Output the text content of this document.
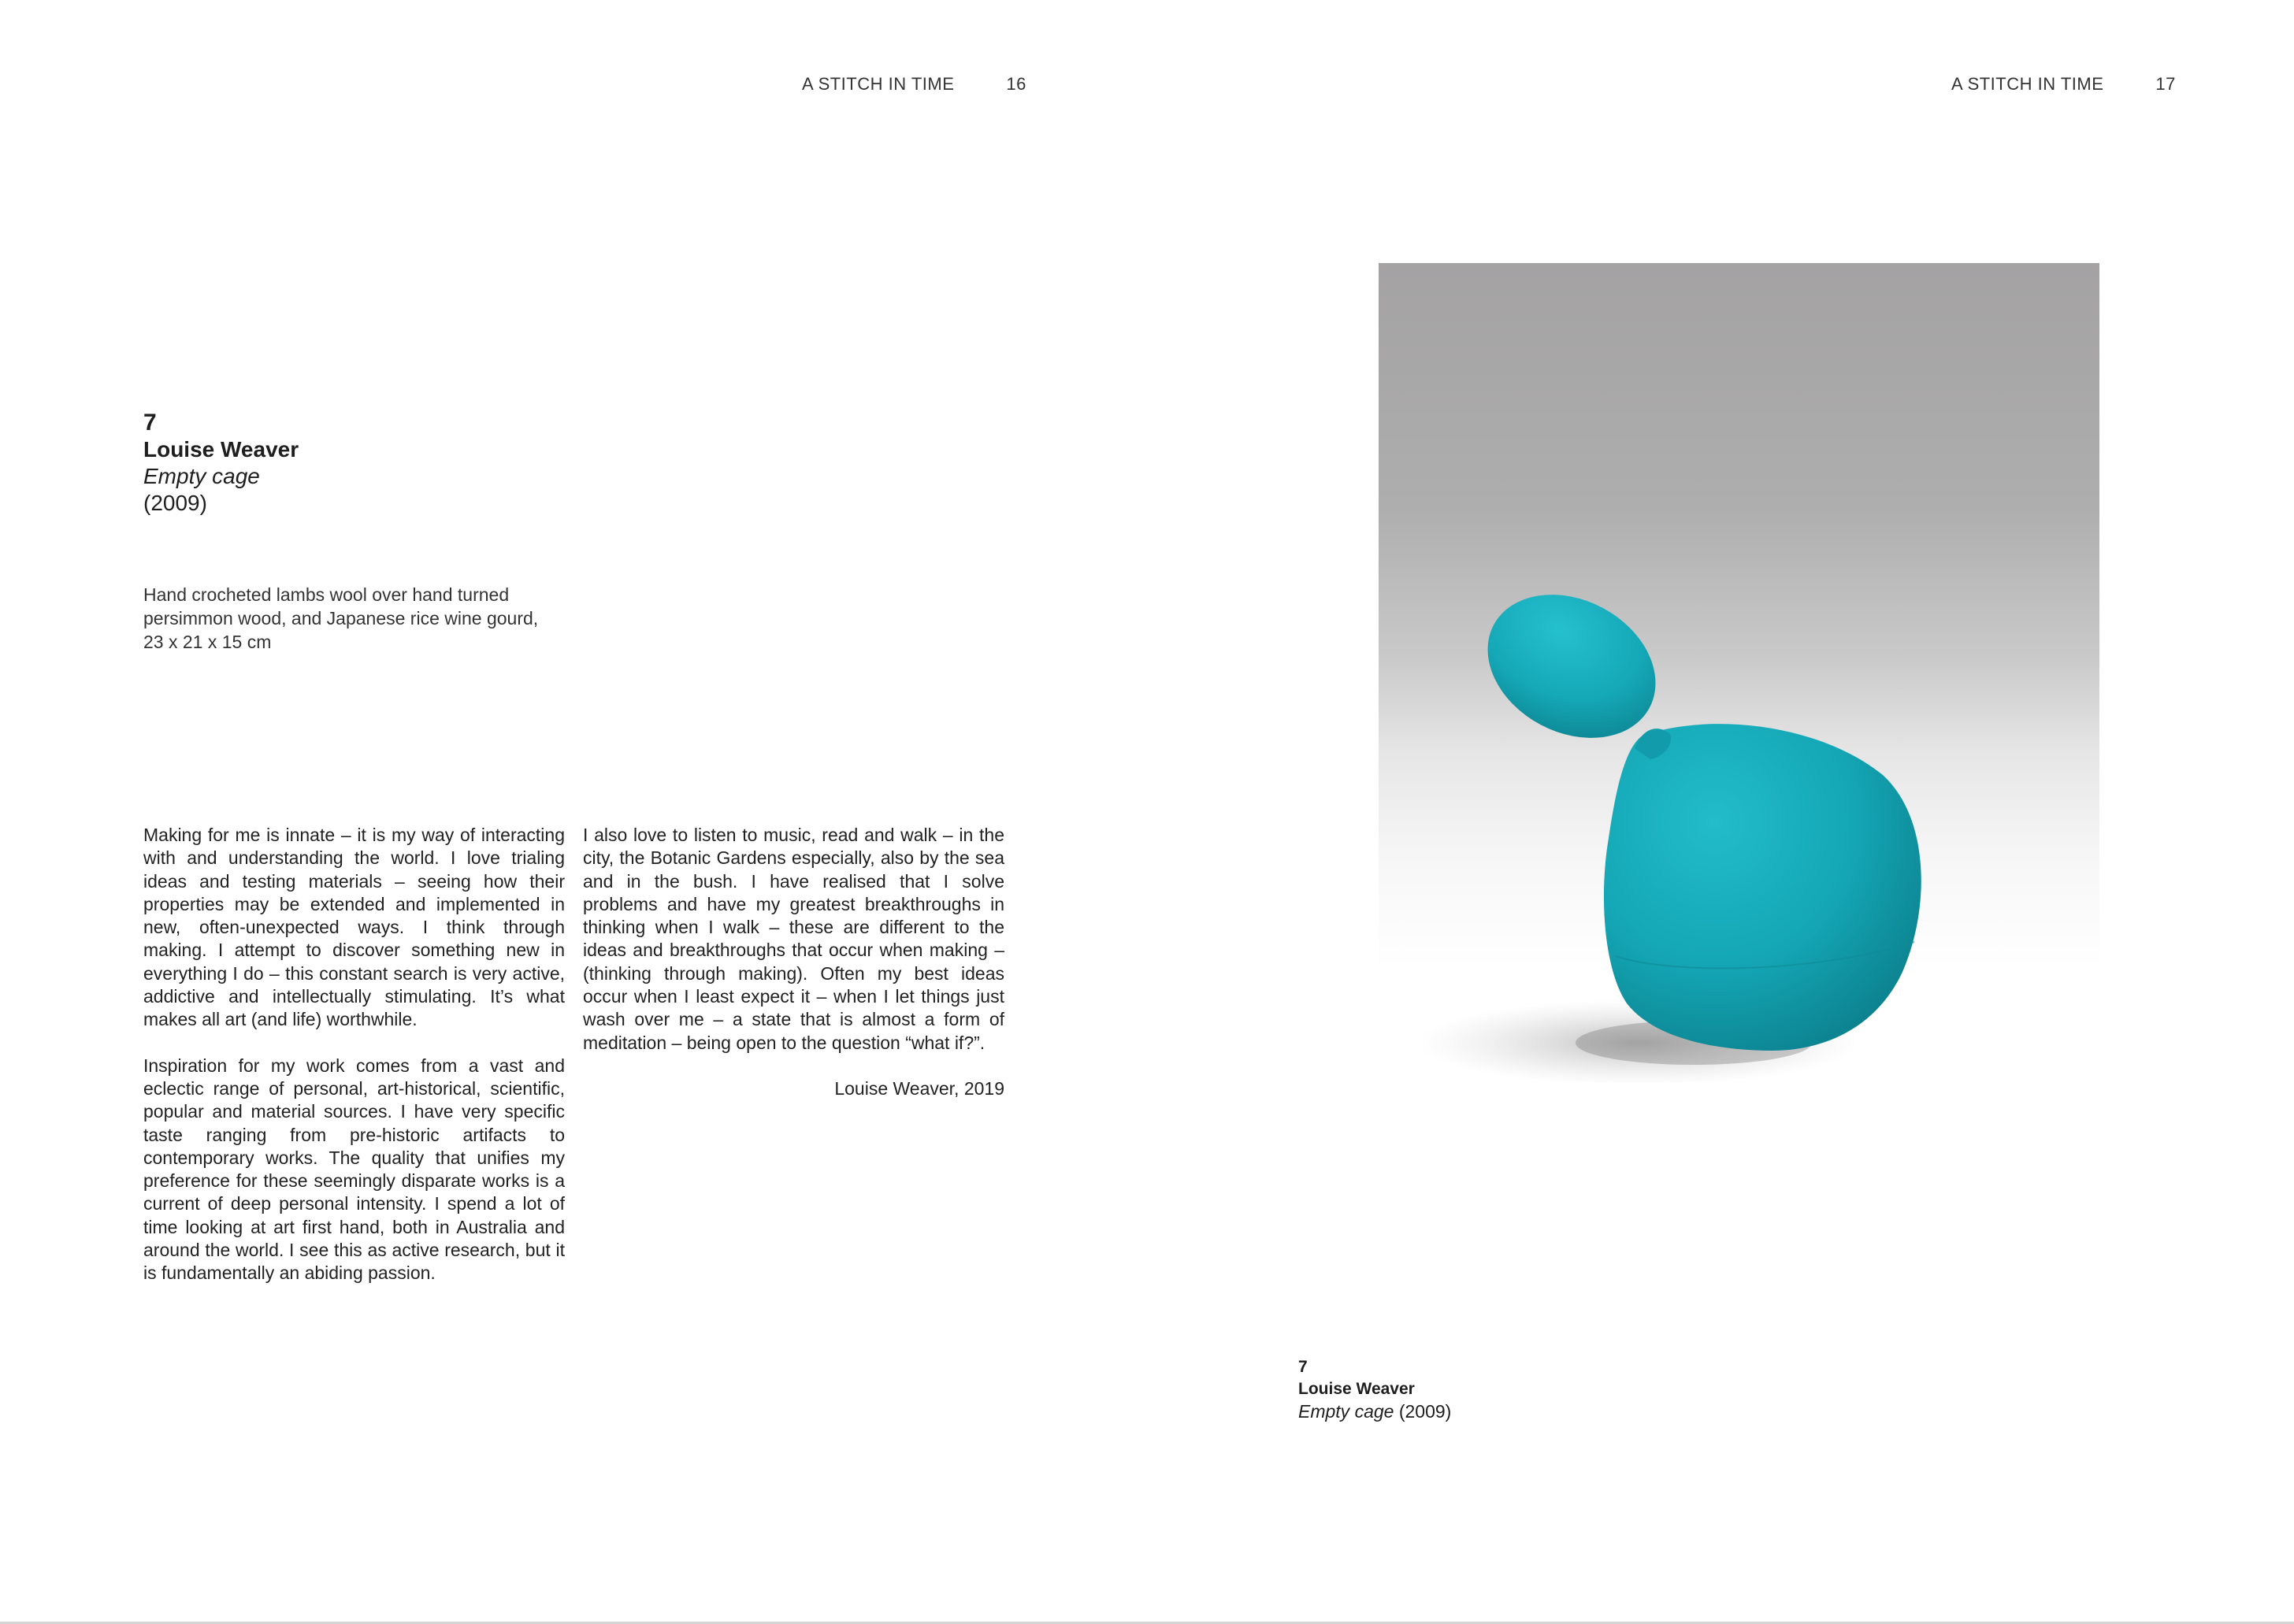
A STITCH IN TIME	16	A STITCH IN TIME	17
7
Louise Weaver
Empty cage
(2009)
Hand crocheted lambs wool over hand turned
persimmon wood, and Japanese rice wine gourd,
23 x 21 x 15 cm

Making for me is innate – it is my way of interacting with and understanding the world. I love trialing ideas and testing materials – seeing how their properties may be extended and implemented in new, often-unexpected ways. I think through making. I attempt to discover something new in everything I do – this constant search is very active, addictive and intellectually stimulating. It’s what makes all art (and life) worthwhile.

Inspiration for my work comes from a vast and eclectic range of personal, art-historical, scientific, popular and material sources. I have very specific taste ranging from pre-historic artifacts to contemporary works. The quality that unifies my preference for these seemingly disparate works is a current of deep personal intensity. I spend a lot of time looking at art first hand, both in Australia and around the world. I see this as active research, but it is fundamentally an abiding passion.

I also love to listen to music, read and walk – in the city, the Botanic Gardens especially, also by the sea and in the bush. I have realised that I solve problems and have my greatest breakthroughs in thinking when I walk – these are different to the ideas and breakthroughs that occur when making – (thinking through making). Often my best ideas occur when I least expect it – when I let things just wash over me – a state that is almost a form of meditation – being open to the question “what if?”.

Louise Weaver, 2019

7
Louise Weaver
Empty cage (2009)
